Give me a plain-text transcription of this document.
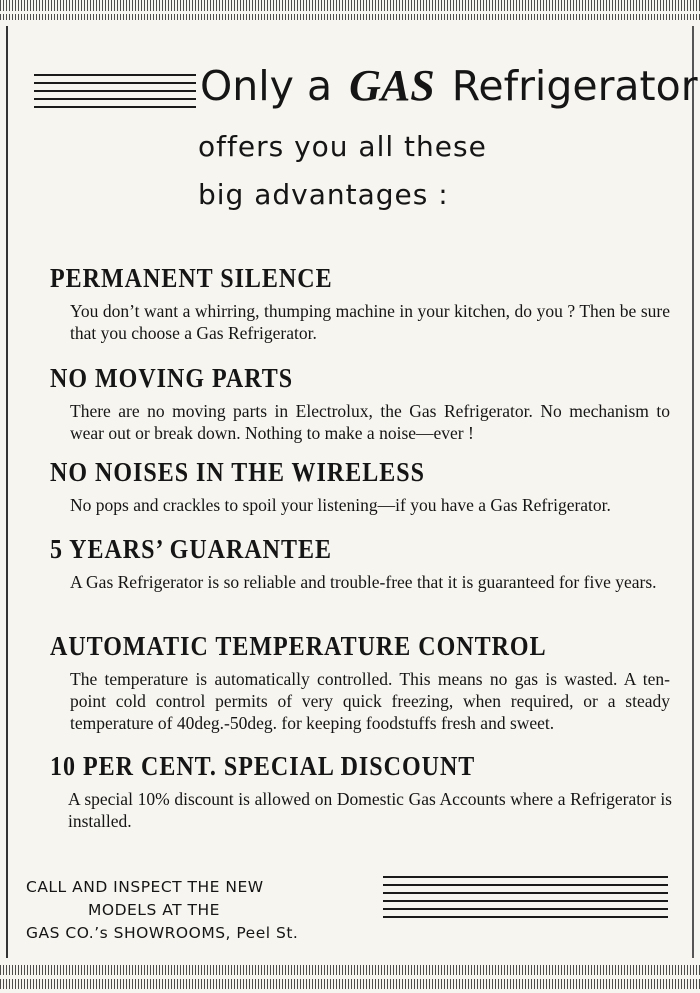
Only a GAS Refrigerator

offers you all these

big advantages :

PERMANENT SILENCE

You don’t want a whirring, thumping machine in your kitchen, do you ? Then be sure that you choose a Gas Refrigerator.

NO MOVING PARTS

There are no moving parts in Electrolux, the Gas Refrigerator. No mechanism to wear out or break down. Nothing to make a noise—ever !

NO NOISES IN THE WIRELESS

No pops and crackles to spoil your listening—if you have a Gas Refrigerator.

5 YEARS’ GUARANTEE

A Gas Refrigerator is so reliable and trouble-free that it is guaranteed for five years.

AUTOMATIC TEMPERATURE CONTROL

The temperature is automatically controlled. This means no gas is wasted. A ten-point cold control permits of very quick freezing, when required, or a steady temperature of 40deg.-50deg. for keeping foodstuffs fresh and sweet.

10 PER CENT. SPECIAL DISCOUNT

A special 10% discount is allowed on Domestic Gas Accounts where a Refrigerator is installed.

CALL AND INSPECT THE NEW

MODELS AT THE
GAS CO.’s SHOWROOMS, Peel St.
